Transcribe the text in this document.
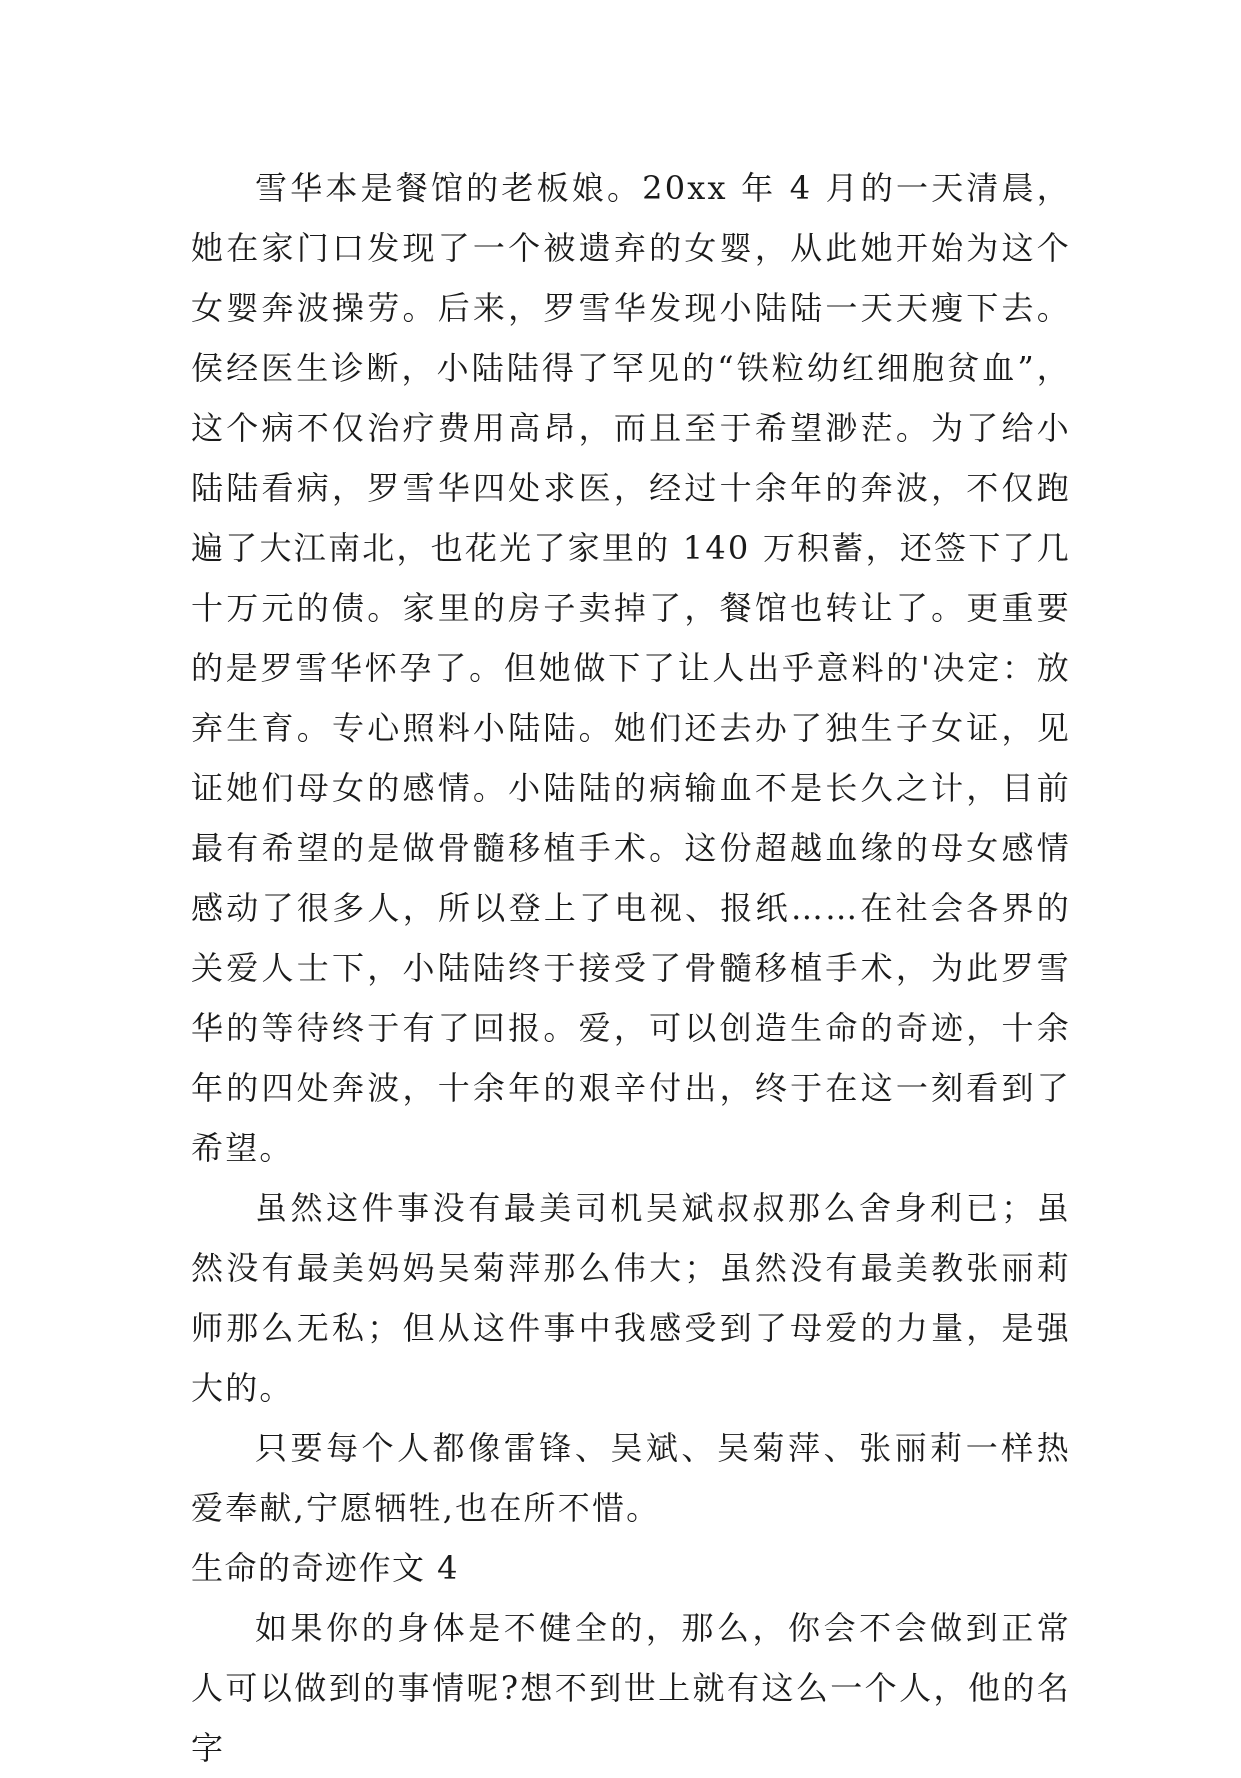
雪华本是餐馆的老板娘。20xx 年 4 月的一天清晨，她在家门口发现了一个被遗弃的女婴，从此她开始为这个女婴奔波操劳。后来，罗雪华发现小陆陆一天天瘦下去。侯经医生诊断，小陆陆得了罕见的“铁粒幼红细胞贫血”，这个病不仅治疗费用高昂，而且至于希望渺茫。为了给小陆陆看病，罗雪华四处求医，经过十余年的奔波，不仅跑遍了大江南北，也花光了家里的 140 万积蓄，还签下了几十万元的债。家里的房子卖掉了，餐馆也转让了。更重要的是罗雪华怀孕了。但她做下了让人出乎意料的'决定：放弃生育。专心照料小陆陆。她们还去办了独生子女证，见证她们母女的感情。小陆陆的病输血不是长久之计，目前最有希望的是做骨髓移植手术。这份超越血缘的母女感情感动了很多人，所以登上了电视、报纸……在社会各界的关爱人士下，小陆陆终于接受了骨髓移植手术，为此罗雪华的等待终于有了回报。爱，可以创造生命的奇迹，十余年的四处奔波，十余年的艰辛付出，终于在这一刻看到了希望。

虽然这件事没有最美司机吴斌叔叔那么舍身利已；虽然没有最美妈妈吴菊萍那么伟大；虽然没有最美教张丽莉师那么无私；但从这件事中我感受到了母爱的力量，是强大的。

只要每个人都像雷锋、吴斌、吴菊萍、张丽莉一样热爱奉献,宁愿牺牲,也在所不惜。

生命的奇迹作文 4

如果你的身体是不健全的，那么，你会不会做到正常人可以做到的事情呢?想不到世上就有这么一个人，他的名字
